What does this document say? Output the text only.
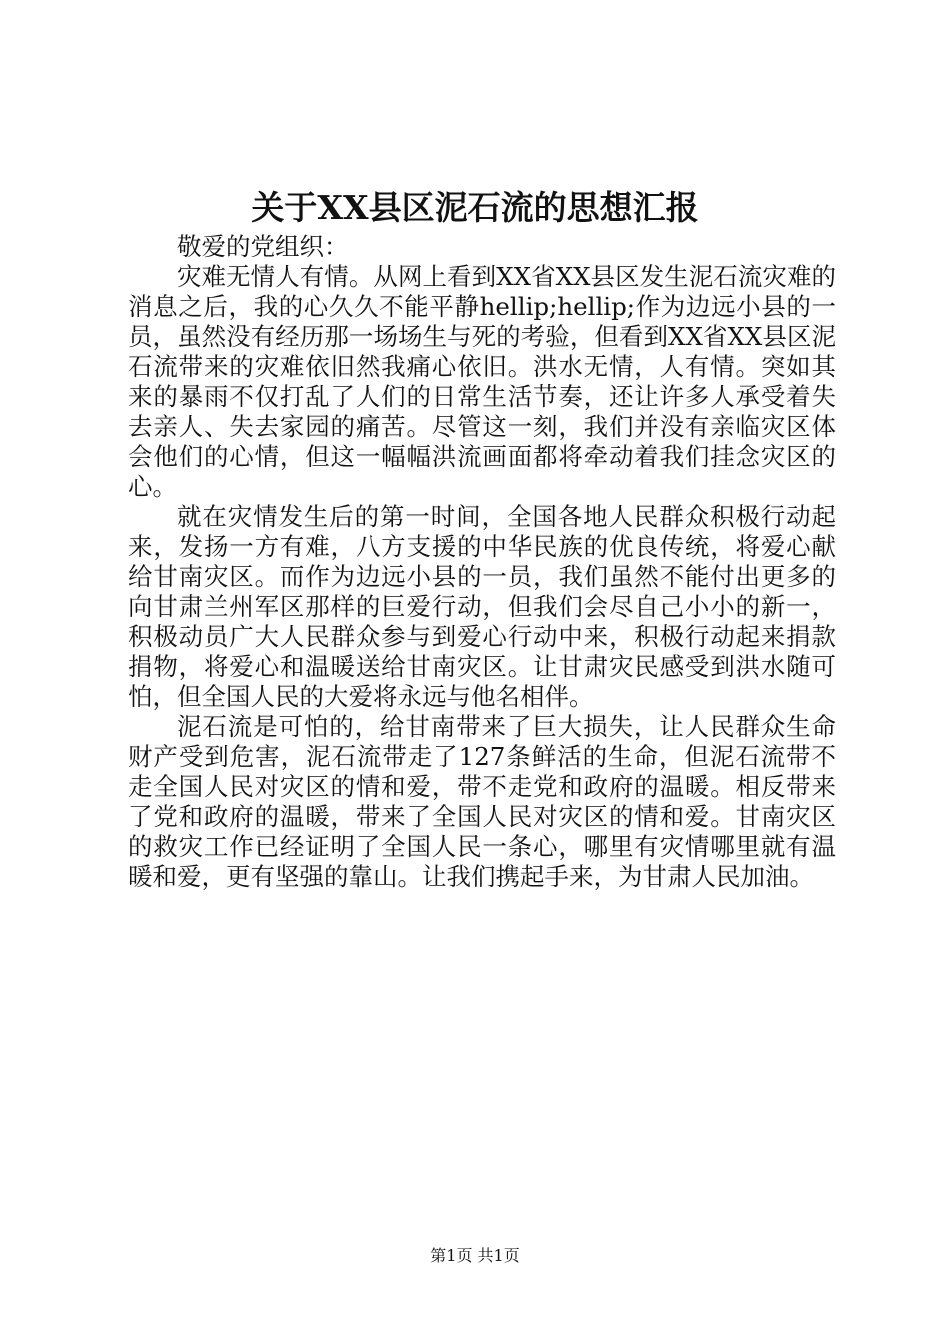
关于XX县区泥石流的思想汇报
敬爱的党组织：

灾难无情人有情。从网上看到XX省XX县区发生泥石流灾难的消息之后，我的心久久不能平静hellip;hellip;作为边远小县的一员，虽然没有经历那一场场生与死的考验，但看到XX省XX县区泥石流带来的灾难依旧然我痛心依旧。洪水无情，人有情。突如其来的暴雨不仅打乱了人们的日常生活节奏，还让许多人承受着失去亲人、失去家园的痛苦。尽管这一刻，我们并没有亲临灾区体会他们的心情，但这一幅幅洪流画面都将牵动着我们挂念灾区的心。

就在灾情发生后的第一时间，全国各地人民群众积极行动起来，发扬一方有难，八方支援的中华民族的优良传统，将爱心献给甘南灾区。而作为边远小县的一员，我们虽然不能付出更多的向甘肃兰州军区那样的巨爱行动，但我们会尽自己小小的新一，积极动员广大人民群众参与到爱心行动中来，积极行动起来捐款捐物，将爱心和温暖送给甘南灾区。让甘肃灾民感受到洪水随可怕，但全国人民的大爱将永远与他名相伴。

泥石流是可怕的，给甘南带来了巨大损失，让人民群众生命财产受到危害，泥石流带走了127条鲜活的生命，但泥石流带不走全国人民对灾区的情和爱，带不走党和政府的温暖。相反带来了党和政府的温暖，带来了全国人民对灾区的情和爱。甘南灾区的救灾工作已经证明了全国人民一条心，哪里有灾情哪里就有温暖和爱，更有坚强的靠山。让我们携起手来，为甘肃人民加油。

第1页 共1页
